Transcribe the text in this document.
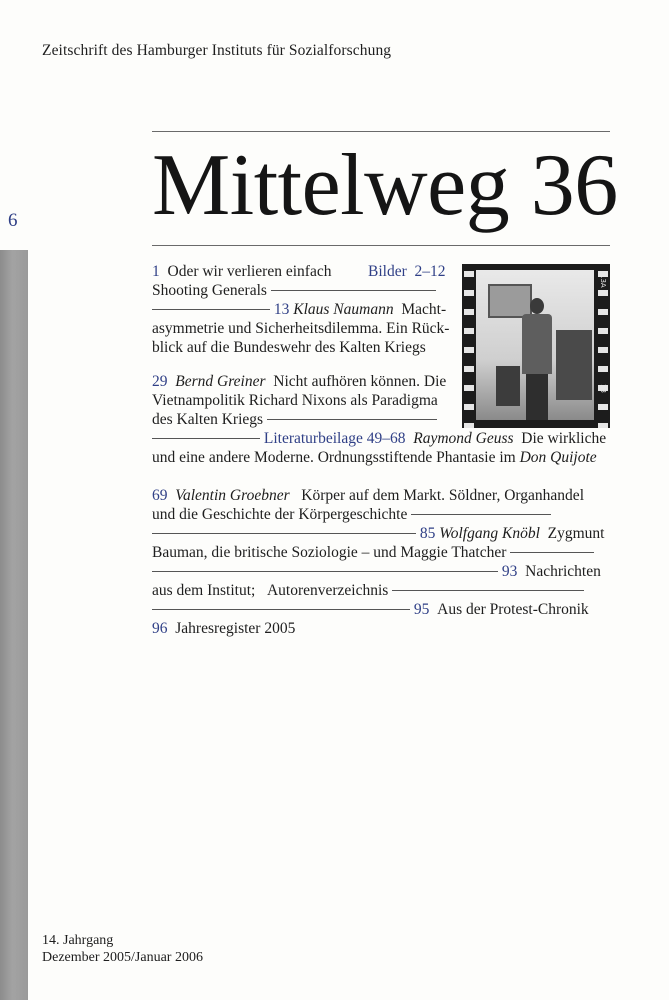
6
Zeitschrift des Hamburger Instituts für Sozialforschung
Mittelweg 36
1 Oder wir verlieren einfach Bilder 2–12
Shooting Generals
13 Klaus Naumann Macht-
asymmetrie und Sicherheitsdilemma. Ein Rück-
blick auf die Bundeswehr des Kalten Kriegs
29 Bernd Greiner Nicht aufhören können. Die
Vietnampolitik Richard Nixons als Paradigma
des Kalten Kriegs
Literaturbeilage 49–68 Raymond Geuss Die wirkliche
und eine andere Moderne. Ordnungsstiftende Phantasie im Don Quijote
69 Valentin Groebner Körper auf dem Markt. Söldner, Organhandel
und die Geschichte der Körpergeschichte
85 Wolfgang Knöbl Zygmunt
Bauman, die britische Soziologie – und Maggie Thatcher
93 Nachrichten
aus dem Institut; Autorenverzeichnis
95 Aus der Protest-Chronik
96 Jahresregister 2005
13A
13
14. Jahrgang
Dezember 2005/Januar 2006
